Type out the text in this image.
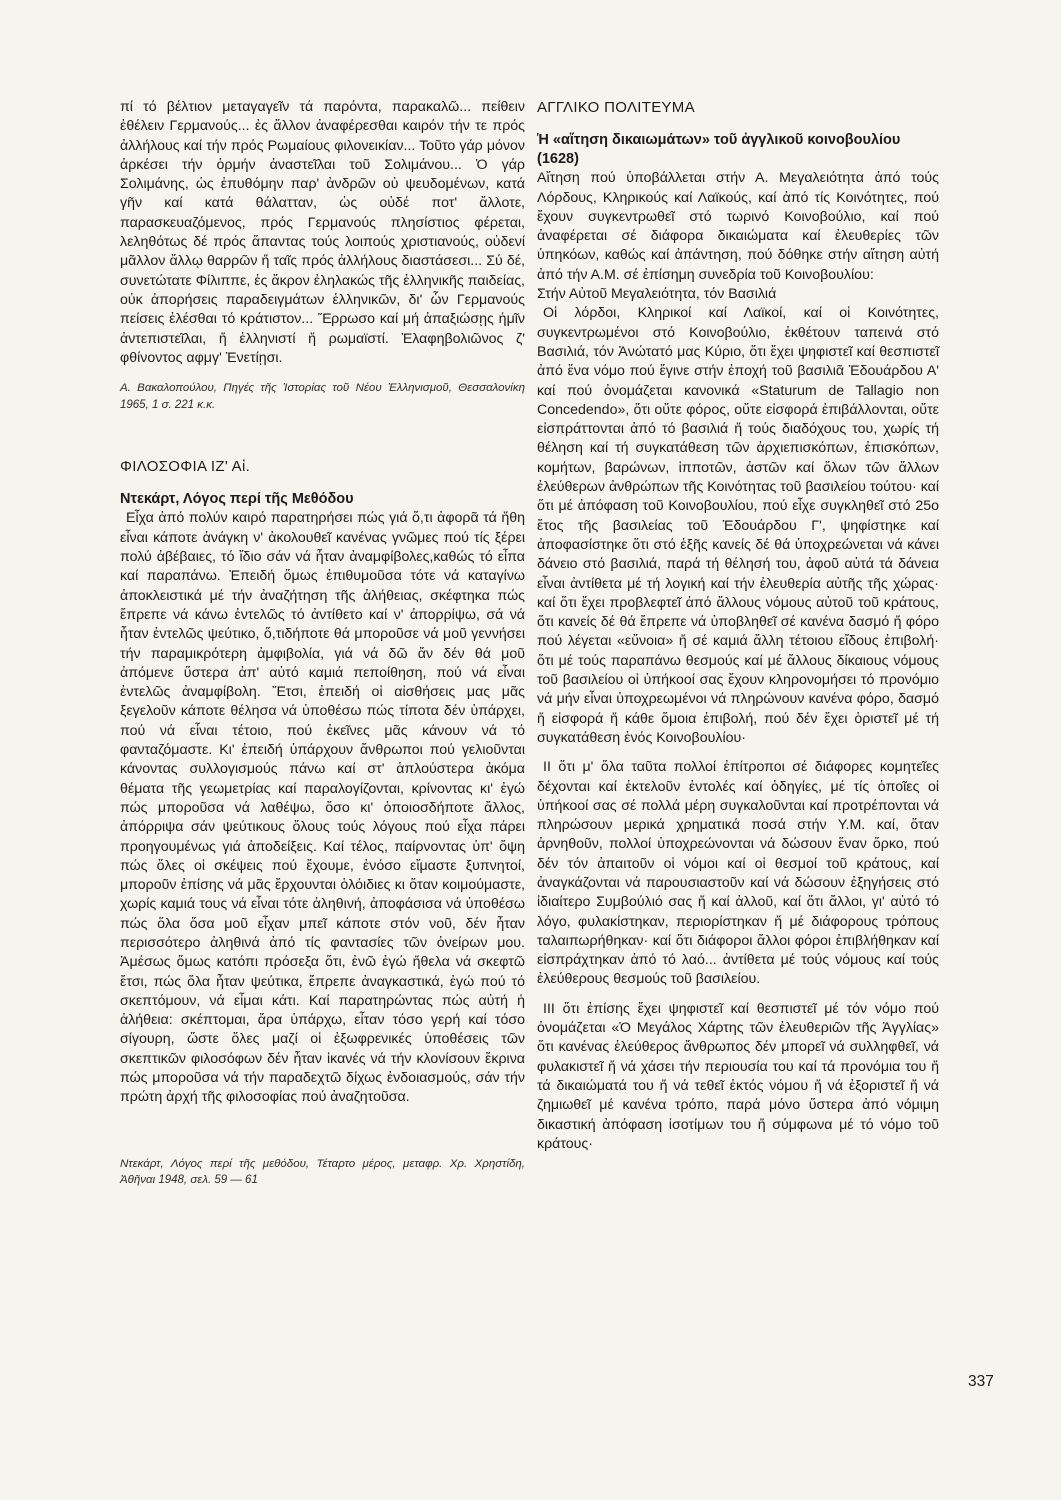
πί τό βέλτιον μεταγαγεῖν τά παρόντα, παρακαλῶ... πείθειν ἐθέλειν Γερμανούς... ἐς ἄλλον ἀναφέρεσθαι καιρόν τήν τε πρός ἀλλήλους καί τήν πρός Ρωμαίους φιλονεικίαν... Τοῦτο γάρ μόνον ἀρκέσει τήν ὁρμήν ἀναστεῖλαι τοῦ Σολιμάνου... Ὁ γάρ Σολιμάνης, ὡς ἐπυθόμην παρ' ἀνδρῶν οὐ ψευδομένων, κατά γῆν καί κατά θάλατταν, ὡς οὐδέ ποτ' ἄλλοτε, παρασκευαζόμενος, πρός Γερμανούς πλησίστιος φέρεται, λεληθότως δέ πρός ἅπαντας τούς λοιπούς χριστιανούς, οὐδενί μᾶλλον ἄλλῳ θαρρῶν ἤ ταῖς πρός ἀλλήλους διαστάσεσι... Σύ δέ, συνετώτατε Φίλιππε, ἐς ἄκρον ἐληλακώς τῆς ἑλληνικῆς παιδείας, οὐκ ἀπορήσεις παραδειγμάτων ἑλληνικῶν, δι' ὧν Γερμανούς πείσεις ἑλέσθαι τό κράτιστον... Ἔρρωσο καί μή ἀπαξιώσῃς ἡμῖν ἀντεπιστεῖλαι, ἤ ἑλληνιστί ἤ ρωμαϊστί. Ἐλαφηβολιῶνος ζ' φθίνοντος αφμγ' Ἐνετίῃσι.

Α. Βακαλοπούλου, Πηγές τῆς Ἱστορίας τοῦ Νέου Ἑλληνισμοῦ, Θεσσαλονίκη 1965, 1 σ. 221 κ.κ.

ΦΙΛΟΣΟΦΙΑ ΙΖ' Αἰ.
Ντεκάρτ, Λόγος περί τῆς Μεθόδου

Εἶχα ἀπό πολύν καιρό παρατηρήσει πώς γιά ὅ,τι ἀφορᾶ τά ἤθη εἶναι κάποτε ἀνάγκη ν' ἀκολουθεῖ κανένας γνῶμες πού τίς ξέρει πολύ ἀβέβαιες, τό ἴδιο σάν νά ἦταν ἀναμφίβολες,καθώς τό εἶπα καί παραπάνω. Ἐπειδή ὅμως ἐπιθυμοῦσα τότε νά καταγίνω ἀποκλειστικά μέ τήν ἀναζήτηση τῆς ἀλήθειας, σκέφτηκα πώς ἔπρεπε νά κάνω ἐντελῶς τό ἀντίθετο καί ν' ἀπορρίψω, σά νά ἦταν ἐντελῶς ψεύτικο, ὅ,τιδήποτε θά μποροῦσε νά μοῦ γεννήσει τήν παραμικρότερη ἀμφιβολία, γιά νά δῶ ἄν δέν θά μοῦ ἀπόμενε ὕστερα ἀπ' αὐτό καμιά πεποίθηση, πού νά εἶναι ἐντελῶς ἀναμφίβολη. Ἔτσι, ἐπειδή οἱ αἰσθήσεις μας μᾶς ξεγελοῦν κάποτε θέλησα νά ὑποθέσω πώς τίποτα δέν ὑπάρχει, πού νά εἶναι τέτοιο, πού ἐκεῖνες μᾶς κάνουν νά τό φανταζόμαστε. Κι' ἐπειδή ὑπάρχουν ἄνθρωποι πού γελιοῦνται κάνοντας συλλογισμούς πάνω καί στ' ἁπλούστερα ἀκόμα θέματα τῆς γεωμετρίας καί παραλογίζονται, κρίνοντας κι' ἐγώ πώς μποροῦσα νά λαθέψω, ὅσο κι' ὁποιοσδήποτε ἄλλος, ἀπόρριψα σάν ψεύτικους ὅλους τούς λόγους πού εἶχα πάρει προηγουμένως γιά ἀποδείξεις. Καί τέλος, παίρνοντας ὑπ' ὄψη πώς ὅλες οἱ σκέψεις πού ἔχουμε, ἐνόσο εἴμαστε ξυπνητοί, μποροῦν ἐπίσης νά μᾶς ἔρχουνται ὁλόιδιες κι ὅταν κοιμούμαστε, χωρίς καμιά τους νά εἶναι τότε ἀληθινή, ἀποφάσισα νά ὑποθέσω πώς ὅλα ὅσα μοῦ εἶχαν μπεῖ κάποτε στόν νοῦ, δέν ἦταν περισσότερο ἀληθινά ἀπό τίς φαντασίες τῶν ὀνείρων μου. Ἀμέσως ὅμως κατόπι πρόσεξα ὅτι, ἐνῶ ἐγώ ἤθελα νά σκεφτῶ ἔτσι, πώς ὅλα ἦταν ψεύτικα, ἔπρεπε ἀναγκαστικά, ἐγώ πού τό σκεπτόμουν, νά εἶμαι κάτι. Καί παρατηρώντας πώς αὐτή ἡ ἀλήθεια: σκέπτομαι, ἄρα ὑπάρχω, εἶταν τόσο γερή καί τόσο σίγουρη, ὥστε ὅλες μαζί οἱ ἐξωφρενικές ὑποθέσεις τῶν σκεπτικῶν φιλοσόφων δέν ἦταν ἱκανές νά τήν κλονίσουν ἔκρινα πώς μποροῦσα νά τήν παραδεχτῶ δίχως ἐνδοιασμούς, σάν τήν πρώτη ἀρχή τῆς φιλοσοφίας πού ἀναζητοῦσα.

Ντεκάρτ, Λόγος περί τῆς μεθόδου, Τέταρτο μέρος, μεταφρ. Χρ. Χρηστίδη, Ἀθῆναι 1948, σελ. 59 — 61

ΑΓΓΛΙΚΟ ΠΟΛΙΤΕΥΜΑ
Ἡ «αἴτηση δικαιωμάτων» τοῦ ἀγγλικοῦ κοινοβουλίου (1628)

Αἴτηση πού ὑποβάλλεται στήν Α. Μεγαλειότητα ἀπό τούς Λόρδους, Κληρικούς καί Λαϊκούς, καί ἀπό τίς Κοινότητες, πού ἔχουν συγκεντρωθεῖ στό τωρινό Κοινοβούλιο, καί πού ἀναφέρεται σέ διάφορα δικαιώματα καί ἐλευθερίες τῶν ὑπηκόων, καθώς καί ἀπάντηση, πού δόθηκε στήν αἴτηση αὐτή ἀπό τήν Α.Μ. σέ ἐπίσημη συνεδρία τοῦ Κοινοβουλίου:

Στήν Αὐτοῦ Μεγαλειότητα, τόν Βασιλιά

Οἱ λόρδοι, Κληρικοί καί Λαϊκοί, καί οἱ Κοινότητες, συγκεντρωμένοι στό Κοινοβούλιο, ἐκθέτουν ταπεινά στό Βασιλιά, τόν Ἀνώτατό μας Κύριο, ὅτι ἔχει ψηφιστεῖ καί θεσπιστεῖ ἀπό ἕνα νόμο πού ἔγινε στήν ἐποχή τοῦ βασιλιᾶ Ἐδουάρδου Α' καί πού ὀνομάζεται κανονικά «Staturum de Tallagio non Concedendo», ὅτι οὔτε φόρος, οὔτε εἰσφορά ἐπιβάλλονται, οὔτε εἰσπράττονται ἀπό τό βασιλιά ἤ τούς διαδόχους του, χωρίς τή θέληση καί τή συγκατάθεση τῶν ἀρχιεπισκόπων, ἐπισκόπων, κομήτων, βαρώνων, ἱπποτῶν, ἀστῶν καί ὅλων τῶν ἄλλων ἐλεύθερων ἀνθρώπων τῆς Κοινότητας τοῦ βασιλείου τούτου· καί ὅτι μέ ἀπόφαση τοῦ Κοινοβουλίου, πού εἶχε συγκληθεῖ στό 25ο ἔτος τῆς βασιλείας τοῦ Ἐδουάρδου Γ', ψηφίστηκε καί ἀποφασίστηκε ὅτι στό ἑξῆς κανείς δέ θά ὑποχρεώνεται νά κάνει δάνειο στό βασιλιά, παρά τή θέλησή του, ἀφοῦ αὐτά τά δάνεια εἶναι ἀντίθετα μέ τή λογική καί τήν ἐλευθερία αὐτῆς τῆς χώρας· καί ὅτι ἔχει προβλεφτεῖ ἀπό ἄλλους νόμους αὐτοῦ τοῦ κράτους, ὅτι κανείς δέ θά ἔπρεπε νά ὑποβληθεῖ σέ κανένα δασμό ἤ φόρο πού λέγεται «εὔνοια» ἤ σέ καμιά ἄλλη τέτοιου εἴδους ἐπιβολή· ὅτι μέ τούς παραπάνω θεσμούς καί μέ ἄλλους δίκαιους νόμους τοῦ βασιλείου οἱ ὑπήκοοί σας ἔχουν κληρονομήσει τό προνόμιο νά μήν εἶναι ὑποχρεωμένοι νά πληρώνουν κανένα φόρο, δασμό ἤ εἰσφορά ἤ κάθε ὅμοια ἐπιβολή, πού δέν ἔχει ὁριστεῖ μέ τή συγκατάθεση ἑνός Κοινοβουλίου·

II ὅτι μ' ὅλα ταῦτα πολλοί ἐπίτροποι σέ διάφορες κομητεῖες δέχονται καί ἐκτελοῦν ἐντολές καί ὁδηγίες, μέ τίς ὁποῖες οἱ ὑπήκοοί σας σέ πολλά μέρη συγκαλοῦνται καί προτρέπονται νά πληρώσουν μερικά χρηματικά ποσά στήν Υ.Μ. καί, ὅταν ἀρνηθοῦν, πολλοί ὑποχρεώνονται νά δώσουν ἕναν ὅρκο, πού δέν τόν ἀπαιτοῦν οἱ νόμοι καί οἱ θεσμοί τοῦ κράτους, καί ἀναγκάζονται νά παρουσιαστοῦν καί νά δώσουν ἐξηγήσεις στό ἰδιαίτερο Συμβούλιό σας ἤ καί ἀλλοῦ, καί ὅτι ἄλλοι, γι' αὐτό τό λόγο, φυλακίστηκαν, περιορίστηκαν ἤ μέ διάφορους τρόπους ταλαιπωρήθηκαν· καί ὅτι διάφοροι ἄλλοι φόροι ἐπιβλήθηκαν καί εἰσπράχτηκαν ἀπό τό λαό... ἀντίθετα μέ τούς νόμους καί τούς ἐλεύθερους θεσμούς τοῦ βασιλείου.

III ὅτι ἐπίσης ἔχει ψηφιστεῖ καί θεσπιστεῖ μέ τόν νόμο πού ὀνομάζεται «Ὁ Μεγάλος Χάρτης τῶν ἐλευθεριῶν τῆς Ἀγγλίας» ὅτι κανένας ἐλεύθερος ἄνθρωπος δέν μπορεῖ νά συλληφθεῖ, νά φυλακιστεῖ ἤ νά χάσει τήν περιουσία του καί τά προνόμια του ἤ τά δικαιώματά του ἤ νά τεθεῖ ἐκτός νόμου ἤ νά ἐξοριστεῖ ἤ νά ζημιωθεῖ μέ κανένα τρόπο, παρά μόνο ὕστερα ἀπό νόμιμη δικαστική ἀπόφαση ἰσοτίμων του ἤ σύμφωνα μέ τό νόμο τοῦ κράτους·

337
